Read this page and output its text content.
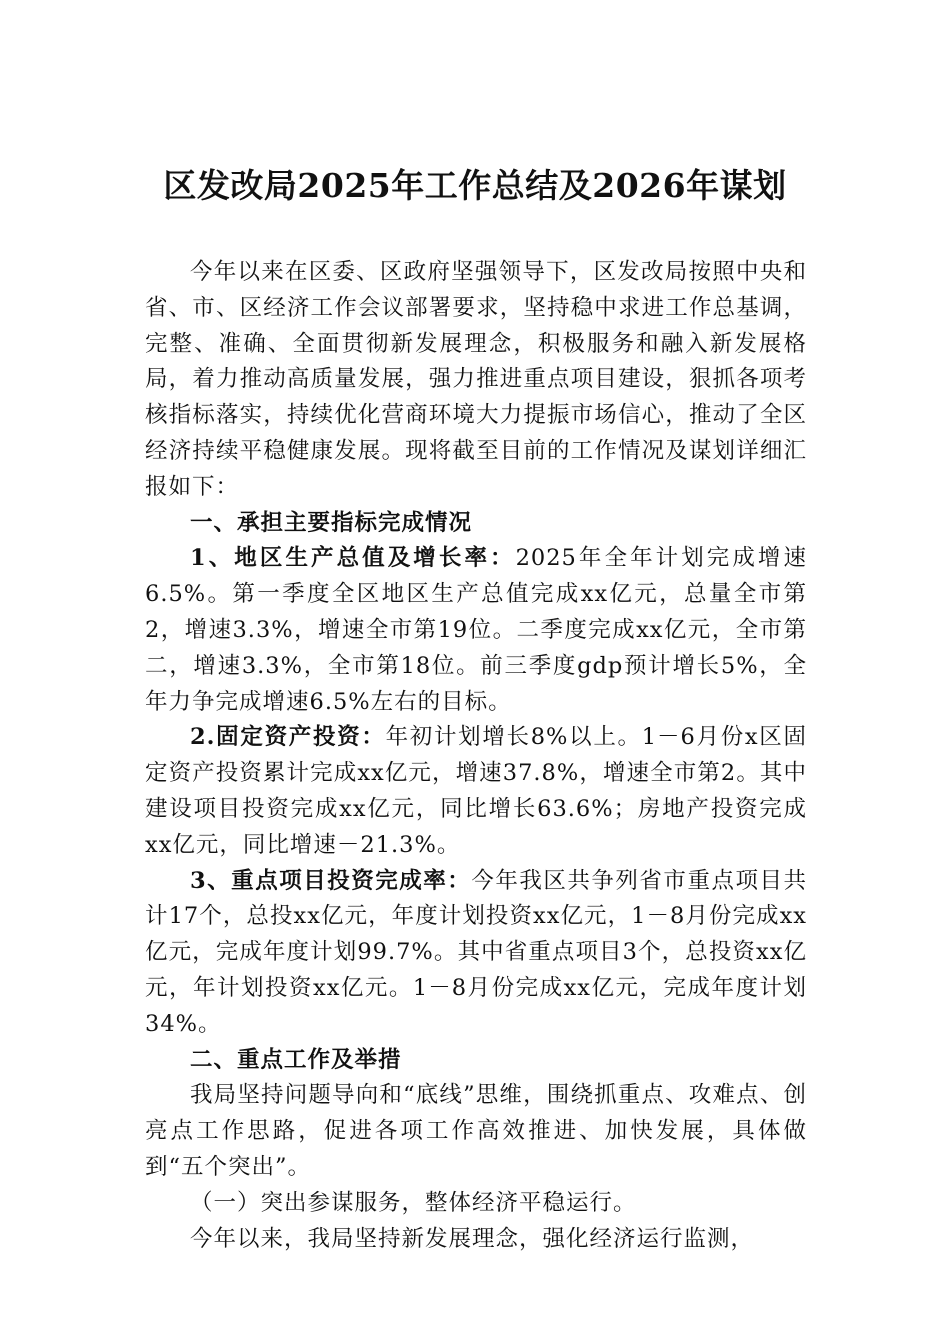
区发改局2025年工作总结及2026年谋划

今年以来在区委、区政府坚强领导下，区发改局按照中央和省、市、区经济工作会议部署要求，坚持稳中求进工作总基调，完整、准确、全面贯彻新发展理念，积极服务和融入新发展格局，着力推动高质量发展，强力推进重点项目建设，狠抓各项考核指标落实，持续优化营商环境大力提振市场信心，推动了全区经济持续平稳健康发展。现将截至目前的工作情况及谋划详细汇报如下：

一、承担主要指标完成情况

1、地区生产总值及增长率：2025年全年计划完成增速6.5%。第一季度全区地区生产总值完成xx亿元，总量全市第2，增速3.3%，增速全市第19位。二季度完成xx亿元，全市第二，增速3.3%，全市第18位。前三季度gdp预计增长5%，全年力争完成增速6.5%左右的目标。

2.固定资产投资：年初计划增长8%以上。1－6月份x区固定资产投资累计完成xx亿元，增速37.8%，增速全市第2。其中建设项目投资完成xx亿元，同比增长63.6%；房地产投资完成xx亿元，同比增速－21.3%。

3、重点项目投资完成率：今年我区共争列省市重点项目共计17个，总投xx亿元，年度计划投资xx亿元，1－8月份完成xx亿元，完成年度计划99.7%。其中省重点项目3个，总投资xx亿元，年计划投资xx亿元。1－8月份完成xx亿元，完成年度计划34%。

二、重点工作及举措

我局坚持问题导向和“底线”思维，围绕抓重点、攻难点、创亮点工作思路，促进各项工作高效推进、加快发展，具体做到“五个突出”。

（一）突出参谋服务，整体经济平稳运行。

今年以来，我局坚持新发展理念，强化经济运行监测，
